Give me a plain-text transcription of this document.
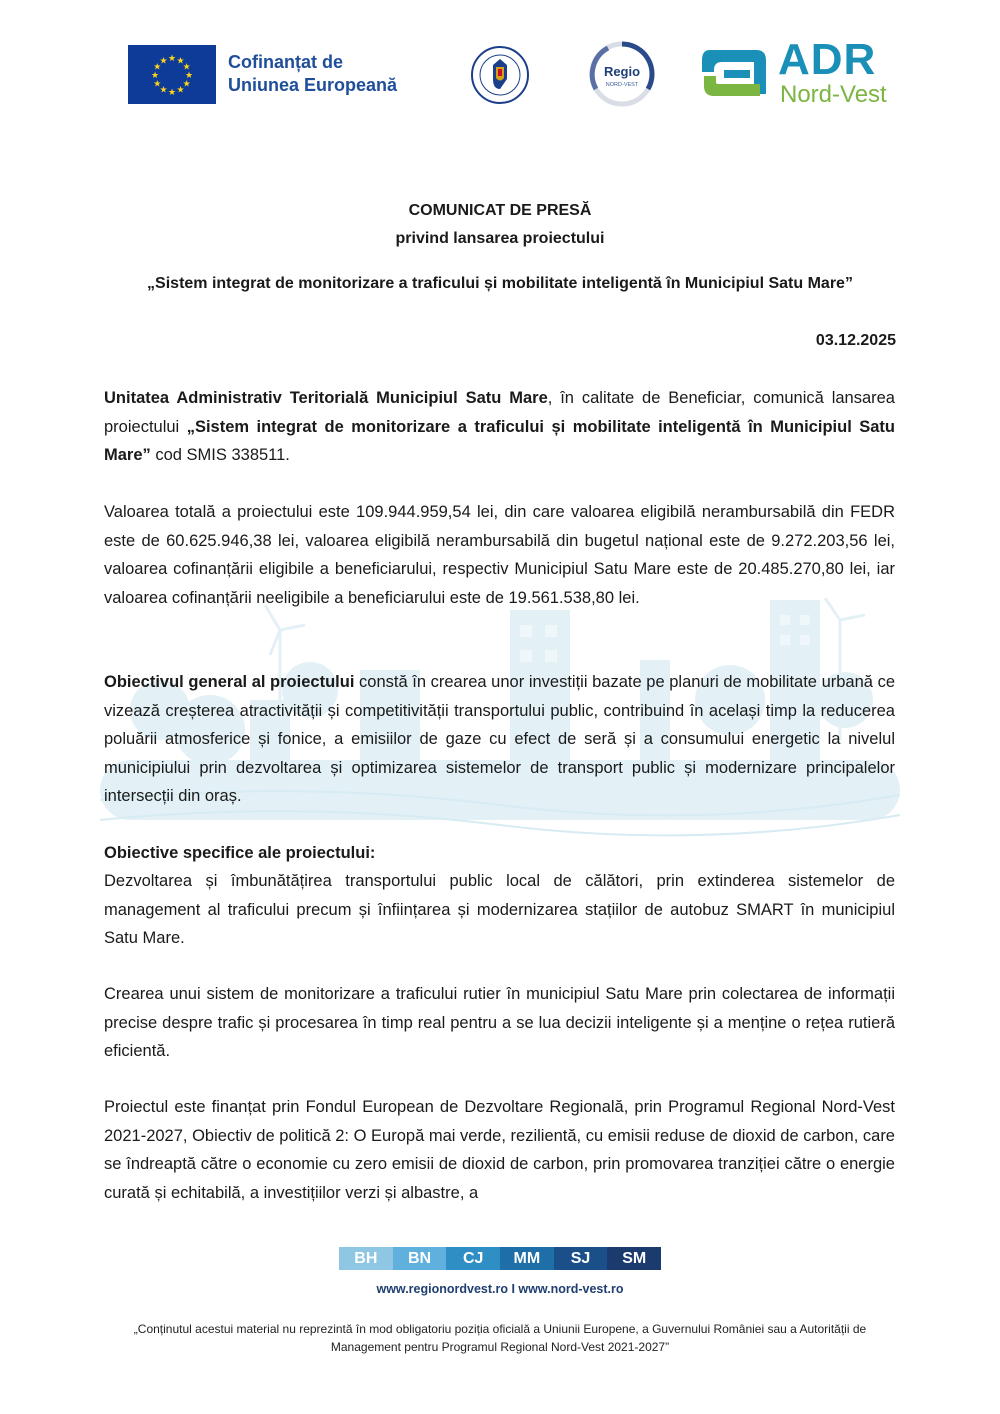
★ ★
★
★
★
★
★
★
★
★
★
★	Cofinanțat de
Uniunea Europeană
Regio
NORD-VEST
ADR
Nord-Vest
COMUNICAT DE PRESĂ
privind lansarea proiectului
„Sistem integrat de monitorizare a traficului și mobilitate inteligentă în Municipiul Satu Mare”
03.12.2025
Unitatea Administrativ Teritorială Municipiul Satu Mare, în calitate de Beneficiar, comunică lansarea proiectului „Sistem integrat de monitorizare a traficului și mobilitate inteligentă în Municipiul Satu Mare” cod SMIS 338511.
Valoarea totală a proiectului este 109.944.959,54 lei, din care valoarea eligibilă nerambursabilă din FEDR este de 60.625.946,38 lei, valoarea eligibilă nerambursabilă din bugetul național este de 9.272.203,56 lei, valoarea cofinanțării eligibile a beneficiarului, respectiv Municipiul Satu Mare este de 20.485.270,80 lei, iar valoarea cofinanțării neeligibile a beneficiarului este de 19.561.538,80 lei.
Obiectivul general al proiectului constă în crearea unor investiții bazate pe planuri de mobilitate urbană ce vizează creșterea atractivității și competitivității transportului public, contribuind în același timp la reducerea poluării atmosferice și fonice, a emisiilor de gaze cu efect de seră și a consumului energetic la nivelul municipiului prin dezvoltarea și optimizarea sistemelor de transport public și modernizare principalelor intersecții din oraș.
Obiective specifice ale proiectului:
Dezvoltarea și îmbunătățirea transportului public local de călători, prin extinderea sistemelor de management al traficului precum și înființarea și modernizarea stațiilor de autobuz SMART în municipiul Satu Mare.
Crearea unui sistem de monitorizare a traficului rutier în municipiul Satu Mare prin colectarea de informații precise despre trafic și procesarea în timp real pentru a se lua decizii inteligente și a menține o rețea rutieră eficientă.
Proiectul este finanțat prin Fondul European de Dezvoltare Regională, prin Programul Regional Nord-Vest 2021-2027, Obiectiv de politică 2: O Europă mai verde, rezilientă, cu emisii reduse de dioxid de carbon, care se îndreaptă către o economie cu zero emisii de dioxid de carbon, prin promovarea tranziției către o energie curată și echitabilă, a investițiilor verzi și albastre, a
BH	BN	CJ	MM	SJ	SM
www.regionordvest.ro I www.nord-vest.ro
„Conținutul acestui material nu reprezintă în mod obligatoriu poziția oficială a Uniunii Europene, a Guvernului României sau a Autorității de Management pentru Programul Regional Nord-Vest 2021-2027”
